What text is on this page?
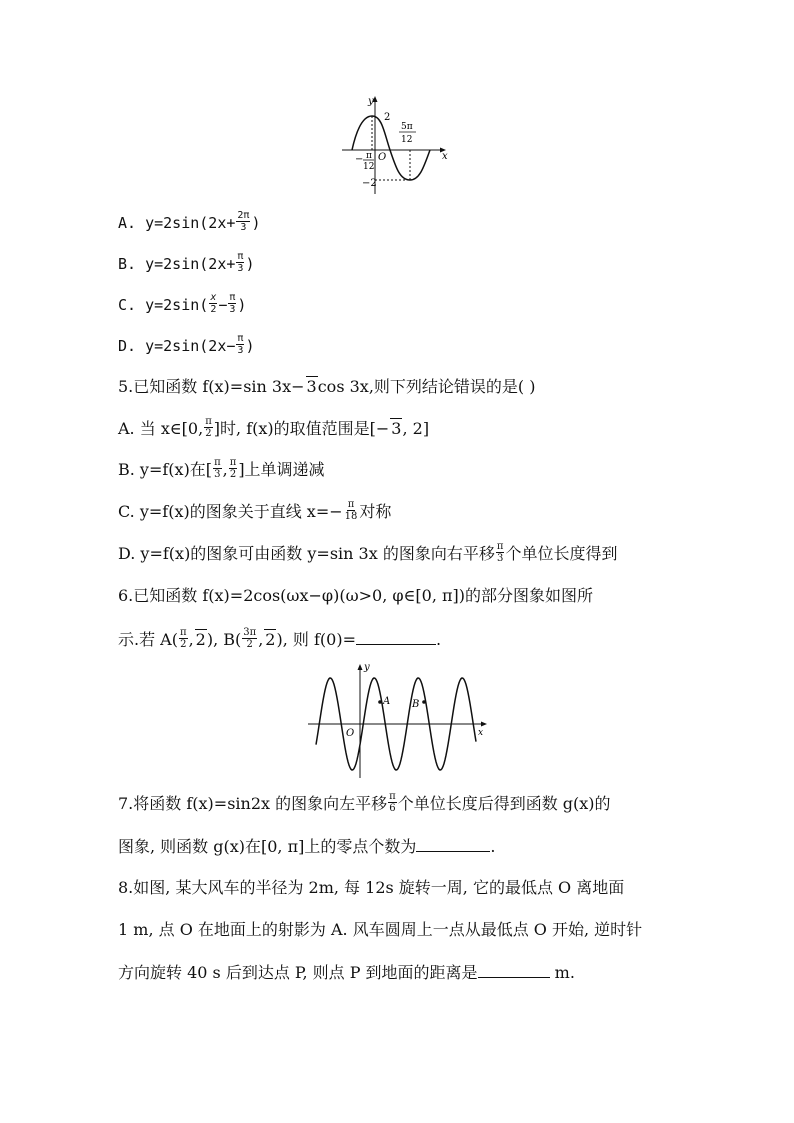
y
x
2
O
−2
− π
12
5π
12
A. $y=2\sin(2x+ \frac{2\pi}{3}$ )
B. $y=2\sin(2x+ \frac{\pi}{3}$ )
C. $y=2\sin( \frac{x}{2} - \frac{\pi}{3}$ )
D. $y=2\sin(2x- \frac{\pi}{3}$ )
5.已知函数 f(x)=sin 3x− 3cos 3x,则下列结论错误的是( )
A. 当 x∈[0, $\frac{\pi}{2}$ ]时, f(x)的取值范围是[− 3, 2]
B. y=f(x)在[ $\frac{\pi}{3}$ , $\frac{\pi}{2}$ ]上单调递减
C. y=f(x)的图象关于直线 $x=- \frac{\pi}{18}$ 对称
D. y=f(x)的图象可由函数 y=sin 3x 的图象向右平移 $\frac{\pi}{3}$ 个单位长度得到
6.已知函数 f(x)=2cos(ωx−φ)(ω>0, φ∈[0, π])的部分图象如图所
示.若 $A( \frac{\pi}{2}$ , 2), $B( \frac{3\pi}{2}$ , 2), 则 f(0)=	.
y
x
O
A B
7.将函数 f(x)=sin2x 的图象向左平移 $\frac{\pi}{6}$ 个单位长度后得到函数 g(x)的
图象, 则函数 g(x)在[0, π]上的零点个数为	.
8.如图, 某大风车的半径为 2m, 每 12s 旋转一周, 它的最低点 O 离地面
1 m, 点 O 在地面上的射影为 A. 风车圆周上一点从最低点 O 开始, 逆时针
方向旋转 40 s 后到达点 P, 则点 P 到地面的距离是	m.
